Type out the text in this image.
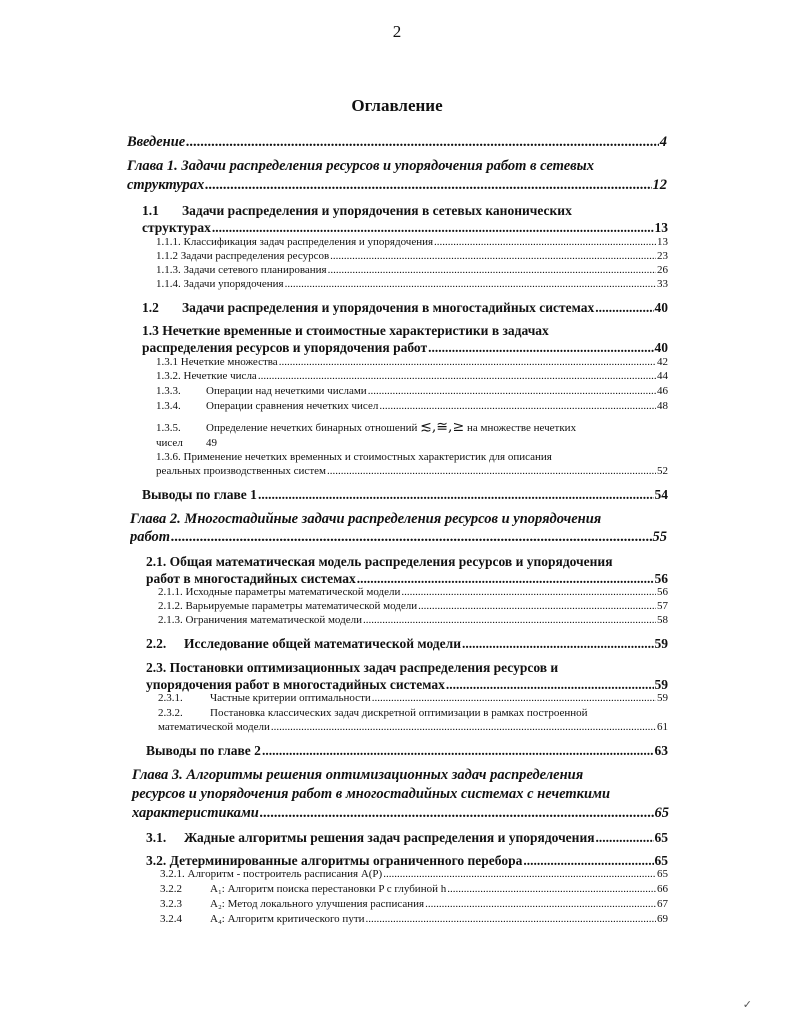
2
Оглавление
Введение .....	4
Глава 1. Задачи распределения ресурсов и упорядочения работ в сетевых
структурах .....	12
1.1 Задачи распределения и упорядочения в сетевых канонических
структурах .....	13
1.1.1. Классификация задач распределения и упорядочения .....	13
1.1.2 Задачи распределения ресурсов .....	23
1.1.3. Задачи сетевого планирования .....	26
1.1.4. Задачи упорядочения .....	33
1.2 Задачи распределения и упорядочения в многостадийных системах .....	40
1.3 Нечеткие временные и стоимостные характеристики в задачах
распределения ресурсов и упорядочения работ .....	40
1.3.1 Нечеткие множества .....	42
1.3.2. Нечеткие числа .....	44
1.3.3. Операции над нечеткими числами .....	46
1.3.4. Операции сравнения нечетких чисел .....	48
1.3.5. Определение нечетких бинарных отношений ≲,≅,≥ на множестве нечетких
чисел 49
1.3.6. Применение нечетких временных и стоимостных характеристик для описания
реальных производственных систем .....	52
Выводы по главе 1 .....	54
Глава 2. Многостадийные задачи распределения ресурсов и упорядочения
работ .....	55
2.1. Общая математическая модель распределения ресурсов и упорядочения
работ в многостадийных системах .....	56
2.1.1. Исходные параметры математической модели .....	56
2.1.2. Варьируемые параметры математической модели .....	57
2.1.3. Ограничения математической модели .....	58
2.2. Исследование общей математической модели .....	59
2.3. Постановки оптимизационных задач распределения ресурсов и
упорядочения работ в многостадийных системах .....	59
2.3.1. Частные критерии оптимальности .....	59
2.3.2. Постановка классических задач дискретной оптимизации в рамках построенной
математической модели .....	61
Выводы по главе 2 .....	63
Глава 3. Алгоритмы решения оптимизационных задач распределения
ресурсов и упорядочения работ в многостадийных системах с нечеткими
характеристиками .....	65
3.1. Жадные алгоритмы решения задач распределения и упорядочения .....	65
3.2. Детерминированные алгоритмы ограниченного перебора .....	65
3.2.1. Алгоритм - построитель расписания A(P) .....	65
3.2.2	A₁: Алгоритм поиска перестановки P с глубиной h .....	66
3.2.3	A₂: Метод локального улучшения расписания .....	67
3.2.4	A₄: Алгоритм критического пути .....	69
✓
